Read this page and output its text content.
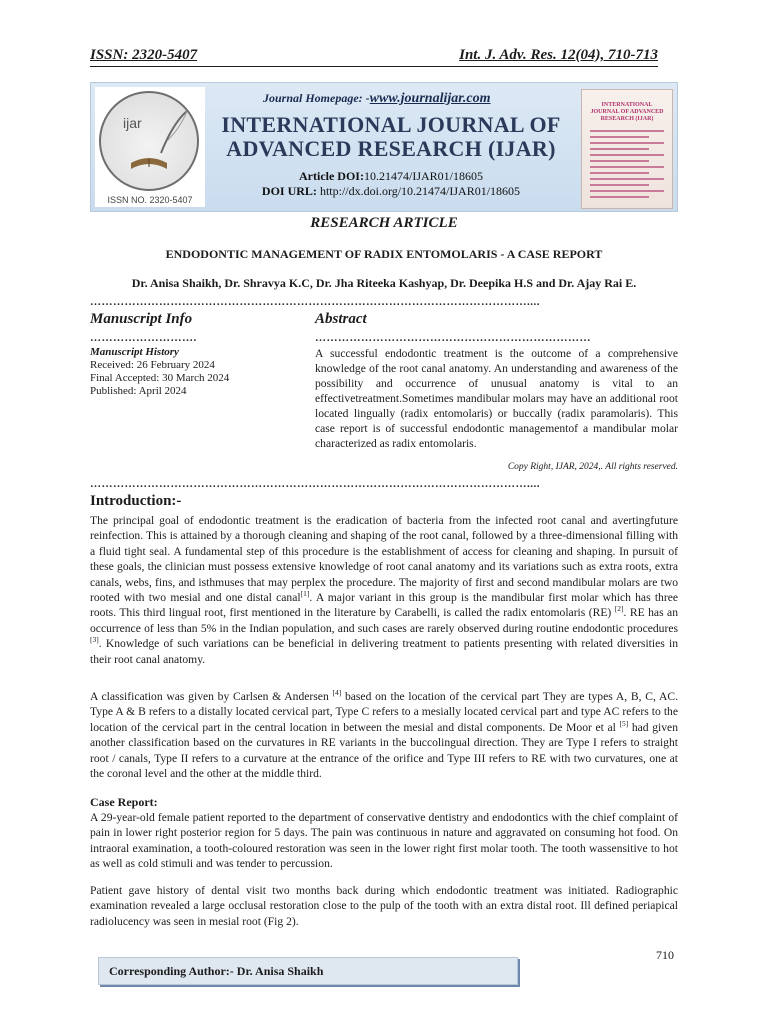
ISSN: 2320-5407	Int. J. Adv. Res. 12(04), 710-713
ijar
ISSN NO. 2320-5407
Journal Homepage: -www.journalijar.com
INTERNATIONAL JOURNAL OF
ADVANCED RESEARCH (IJAR)
Article DOI:10.21474/IJAR01/18605
DOI URL: http://dx.doi.org/10.21474/IJAR01/18605
INTERNATIONAL JOURNAL OF ADVANCED RESEARCH (IJAR)
RESEARCH ARTICLE
ENDODONTIC MANAGEMENT OF RADIX ENTOMOLARIS - A CASE REPORT
Dr. Anisa Shaikh, Dr. Shravya K.C, Dr. Jha Riteeka Kashyap, Dr. Deepika H.S and Dr. Ajay Rai E.
……………………………………………………………………………………………………....
Manuscript Info	Abstract
……………………….	………………………………………………………………
Manuscript History
Received: 26 February 2024
Final Accepted: 30 March 2024
Published: April 2024
A successful endodontic treatment is the outcome of a comprehensive knowledge of the root canal anatomy. An understanding and awareness of the possibility and occurrence of unusual anatomy is vital to an effectivetreatment.Sometimes mandibular molars may have an additional root located lingually (radix entomolaris) or buccally (radix paramolaris). This case report is of successful endodontic managementof a mandibular molar characterized as radix entomolaris.
Copy Right, IJAR, 2024,. All rights reserved.
……………………………………………………………………………………………………....
Introduction:-

The principal goal of endodontic treatment is the eradication of bacteria from the infected root canal and avertingfuture reinfection. This is attained by a thorough cleaning and shaping of the root canal, followed by a three-dimensional filling with a fluid tight seal. A fundamental step of this procedure is the establishment of access for cleaning and shaping. In pursuit of these goals, the clinician must possess extensive knowledge of root canal anatomy and its variations such as extra roots, extra canals, webs, fins, and isthmuses that may perplex the procedure. The majority of first and second mandibular molars are two rooted with two mesial and one distal canal[1]. A major variant in this group is the mandibular first molar which has three roots. This third lingual root, first mentioned in the literature by Carabelli, is called the radix entomolaris (RE) [2]. RE has an occurrence of less than 5% in the Indian population, and such cases are rarely observed during routine endodontic procedures [3]. Knowledge of such variations can be beneficial in delivering treatment to patients presenting with related diversities in their root canal anatomy.

A classification was given by Carlsen & Andersen [4] based on the location of the cervical part They are types A, B, C, AC. Type A & B refers to a distally located cervical part, Type C refers to a mesially located cervical part and type AC refers to the location of the cervical part in the central location in between the mesial and distal components. De Moor et al [5] had given another classification based on the curvatures in RE variants in the buccolingual direction. They are Type I refers to straight root / canals, Type II refers to a curvature at the entrance of the orifice and Type III refers to RE with two curvatures, one at the coronal level and the other at the middle third.

Case Report:
A 29-year-old female patient reported to the department of conservative dentistry and endodontics with the chief complaint of pain in lower right posterior region for 5 days. The pain was continuous in nature and aggravated on consuming hot food. On intraoral examination, a tooth-coloured restoration was seen in the lower right first molar tooth. The tooth wassensitive to hot as well as cold stimuli and was tender to percussion.
Patient gave history of dental visit two months back during which endodontic treatment was initiated. Radiographic examination revealed a large occlusal restoration close to the pulp of the tooth with an extra distal root. Ill defined periapical radiolucency was seen in mesial root (Fig 2).
710
Corresponding Author:- Dr. Anisa Shaikh
